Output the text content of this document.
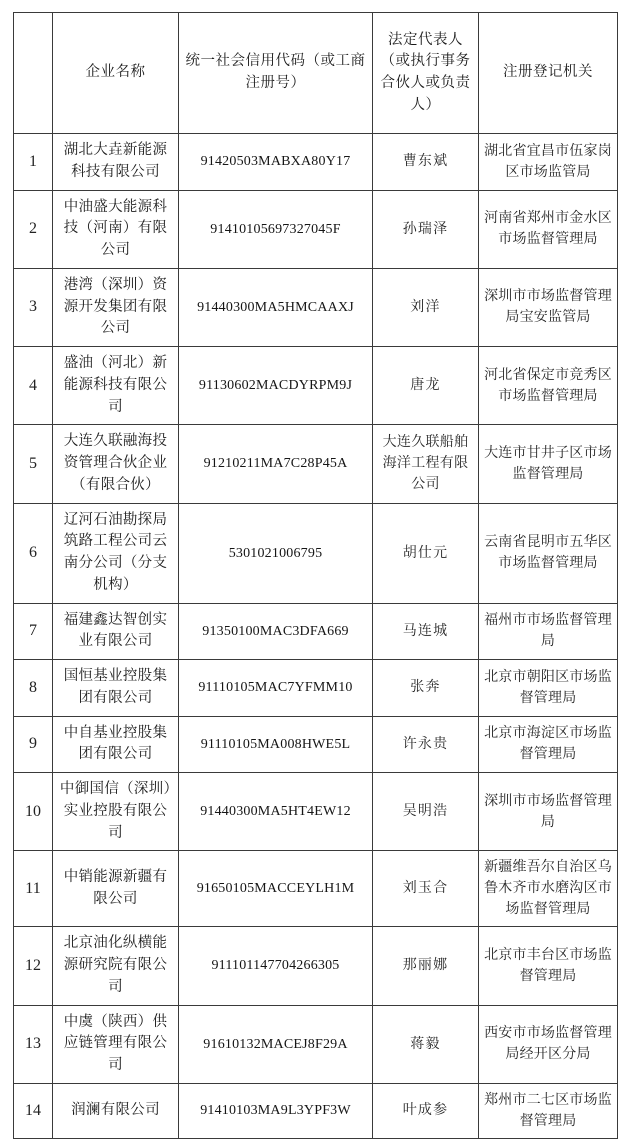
	企业名称	统一社会信用代码（或工商注册号）	法定代表人（或执行事务合伙人或负责人）	注册登记机关
1	湖北大垚新能源科技有限公司	91420503MABXA80Y17	曹东斌	湖北省宜昌市伍家岗区市场监管局
2	中油盛大能源科技（河南）有限公司	91410105697327045F	孙瑞泽	河南省郑州市金水区市场监督管理局
3	港湾（深圳）资源开发集团有限公司	91440300MA5HMCAAXJ	刘洋	深圳市市场监督管理局宝安监管局
4	盛油（河北）新能源科技有限公司	91130602MACDYRPM9J	唐龙	河北省保定市竞秀区市场监督管理局
5	大连久联融海投资管理合伙企业（有限合伙）	91210211MA7C28P45A	大连久联船舶海洋工程有限公司	大连市甘井子区市场监督管理局
6	辽河石油勘探局筑路工程公司云南分公司（分支机构）	5301021006795	胡仕元	云南省昆明市五华区市场监督管理局
7	福建鑫达智创实业有限公司	91350100MAC3DFA669	马连城	福州市市场监督管理局
8	国恒基业控股集团有限公司	91110105MAC7YFMM10	张奔	北京市朝阳区市场监督管理局
9	中自基业控股集团有限公司	91110105MA008HWE5L	许永贵	北京市海淀区市场监督管理局
10	中御国信（深圳）实业控股有限公司	91440300MA5HT4EW12	吴明浩	深圳市市场监督管理局
11	中销能源新疆有限公司	91650105MACCEYLH1M	刘玉合	新疆维吾尔自治区乌鲁木齐市水磨沟区市场监督管理局
12	北京油化纵横能源研究院有限公司	911101147704266305	那丽娜	北京市丰台区市场监督管理局
13	中虞（陕西）供应链管理有限公司	91610132MACEJ8F29A	蒋毅	西安市市场监督管理局经开区分局
14	润澜有限公司	91410103MA9L3YPF3W	叶成参	郑州市二七区市场监督管理局
